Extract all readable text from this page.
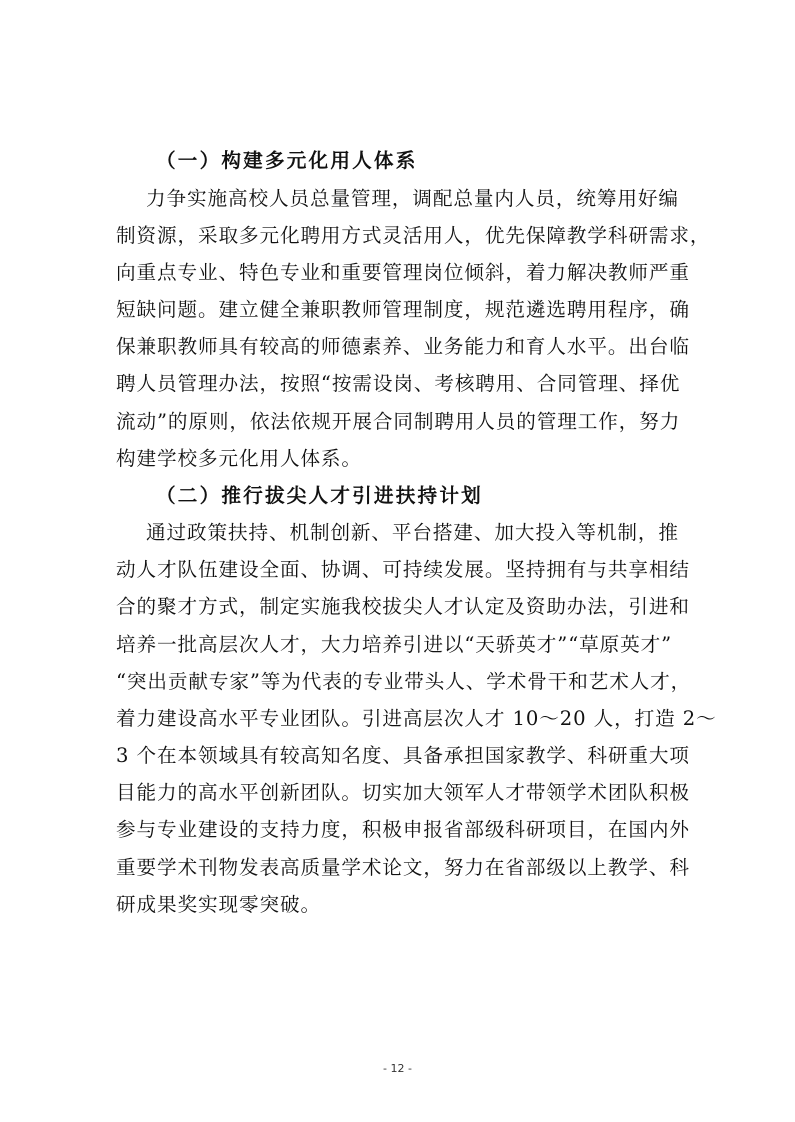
（一）构建多元化用人体系
力争实施高校人员总量管理，调配总量内人员，统筹用好编
制资源，采取多元化聘用方式灵活用人，优先保障教学科研需求，
向重点专业、特色专业和重要管理岗位倾斜，着力解决教师严重
短缺问题。建立健全兼职教师管理制度，规范遴选聘用程序，确
保兼职教师具有较高的师德素养、业务能力和育人水平。出台临
聘人员管理办法，按照“按需设岗、考核聘用、合同管理、择优
流动”的原则，依法依规开展合同制聘用人员的管理工作，努力
构建学校多元化用人体系。
（二）推行拔尖人才引进扶持计划
通过政策扶持、机制创新、平台搭建、加大投入等机制，推
动人才队伍建设全面、协调、可持续发展。坚持拥有与共享相结
合的聚才方式，制定实施我校拔尖人才认定及资助办法，引进和
培养一批高层次人才，大力培养引进以“天骄英才”“草原英才”
“突出贡献专家”等为代表的专业带头人、学术骨干和艺术人才，
着力建设高水平专业团队。引进高层次人才 10～20 人，打造 2～
3 个在本领域具有较高知名度、具备承担国家教学、科研重大项
目能力的高水平创新团队。切实加大领军人才带领学术团队积极
参与专业建设的支持力度，积极申报省部级科研项目，在国内外
重要学术刊物发表高质量学术论文，努力在省部级以上教学、科
研成果奖实现零突破。
- 12 -
